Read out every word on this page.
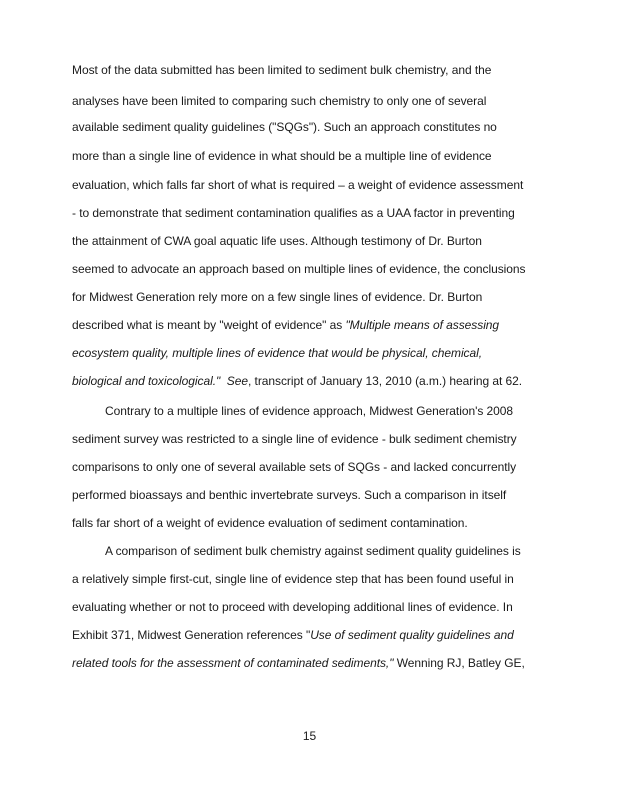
Most of the data submitted has been limited to sediment bulk chemistry, and the
analyses have been limited to comparing such chemistry to only one of several
available sediment quality guidelines ("SQGs"). Such an approach constitutes no
more than a single line of evidence in what should be a multiple line of evidence
evaluation, which falls far short of what is required – a weight of evidence assessment
- to demonstrate that sediment contamination qualifies as a UAA factor in preventing
the attainment of CWA goal aquatic life uses. Although testimony of Dr. Burton
seemed to advocate an approach based on multiple lines of evidence, the conclusions
for Midwest Generation rely more on a few single lines of evidence. Dr. Burton
described what is meant by "weight of evidence" as "Multiple means of assessing
ecosystem quality, multiple lines of evidence that would be physical, chemical,
biological and toxicological." See, transcript of January 13, 2010 (a.m.) hearing at 62.
Contrary to a multiple lines of evidence approach, Midwest Generation's 2008
sediment survey was restricted to a single line of evidence - bulk sediment chemistry
comparisons to only one of several available sets of SQGs - and lacked concurrently
performed bioassays and benthic invertebrate surveys. Such a comparison in itself
falls far short of a weight of evidence evaluation of sediment contamination.
A comparison of sediment bulk chemistry against sediment quality guidelines is
a relatively simple first-cut, single line of evidence step that has been found useful in
evaluating whether or not to proceed with developing additional lines of evidence. In
Exhibit 371, Midwest Generation references "Use of sediment quality guidelines and
related tools for the assessment of contaminated sediments," Wenning RJ, Batley GE,
15
